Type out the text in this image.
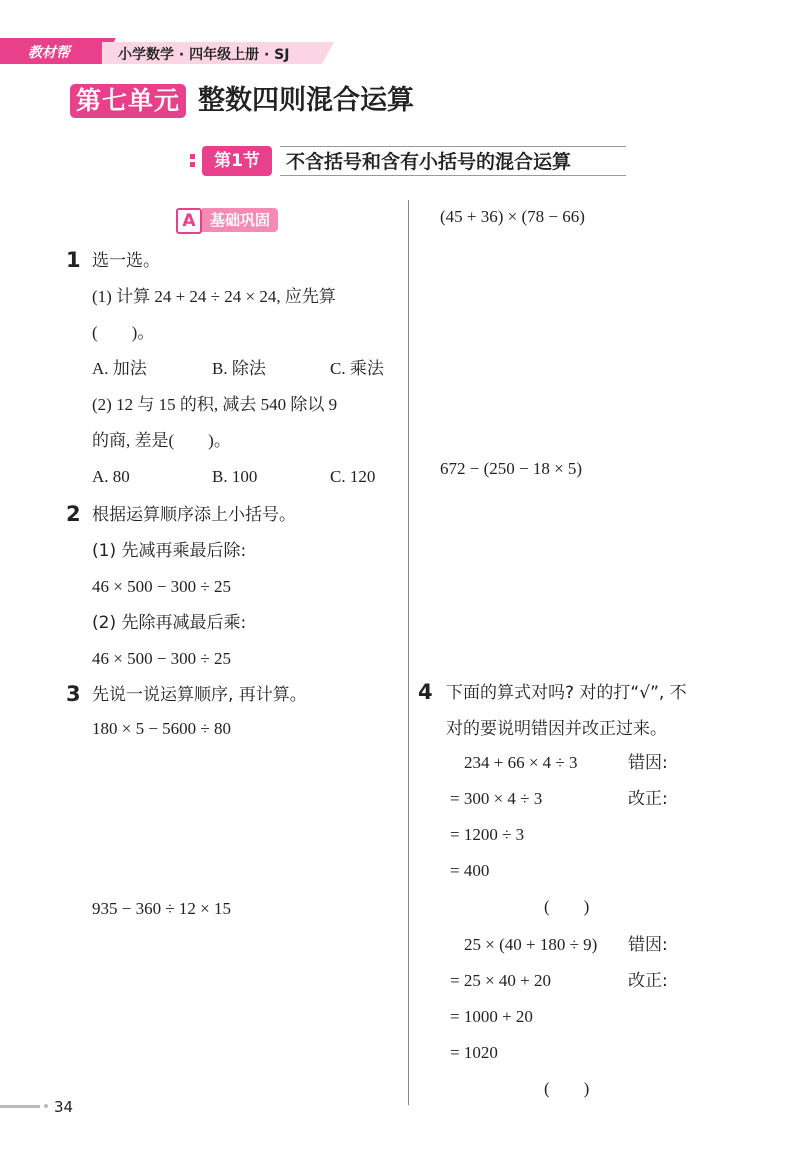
教材帮	小学数学 · 四年级上册 · SJ
第七单元 整数四则混合运算
第1节	不含括号和含有小括号的混合运算
A 基础巩固
1 选一选。
(1) 计算 24 + 24 ÷ 24 × 24, 应先算
(　　)。
A. 加法	B. 除法	C. 乘法
(2) 12 与 15 的积, 减去 540 除以 9
的商, 差是(　　)。
A. 80	B. 100	C. 120
2 根据运算顺序添上小括号。
(1) 先减再乘最后除:
46 × 500 − 300 ÷ 25
(2) 先除再减最后乘:
46 × 500 − 300 ÷ 25
3 先说一说运算顺序, 再计算。
180 × 5 − 5600 ÷ 80
935 − 360 ÷ 12 × 15
(45 + 36) × (78 − 66)
672 − (250 − 18 × 5)
4 下面的算式对吗? 对的打“√”, 不
对的要说明错因并改正过来。
234 + 66 × 4 ÷ 3
= 300 × 4 ÷ 3
= 1200 ÷ 3
= 400
错因:
改正:
(　　)
25 × (40 + 180 ÷ 9)
= 25 × 40 + 20
= 1000 + 20
= 1020
错因:
改正:
(　　)
34
